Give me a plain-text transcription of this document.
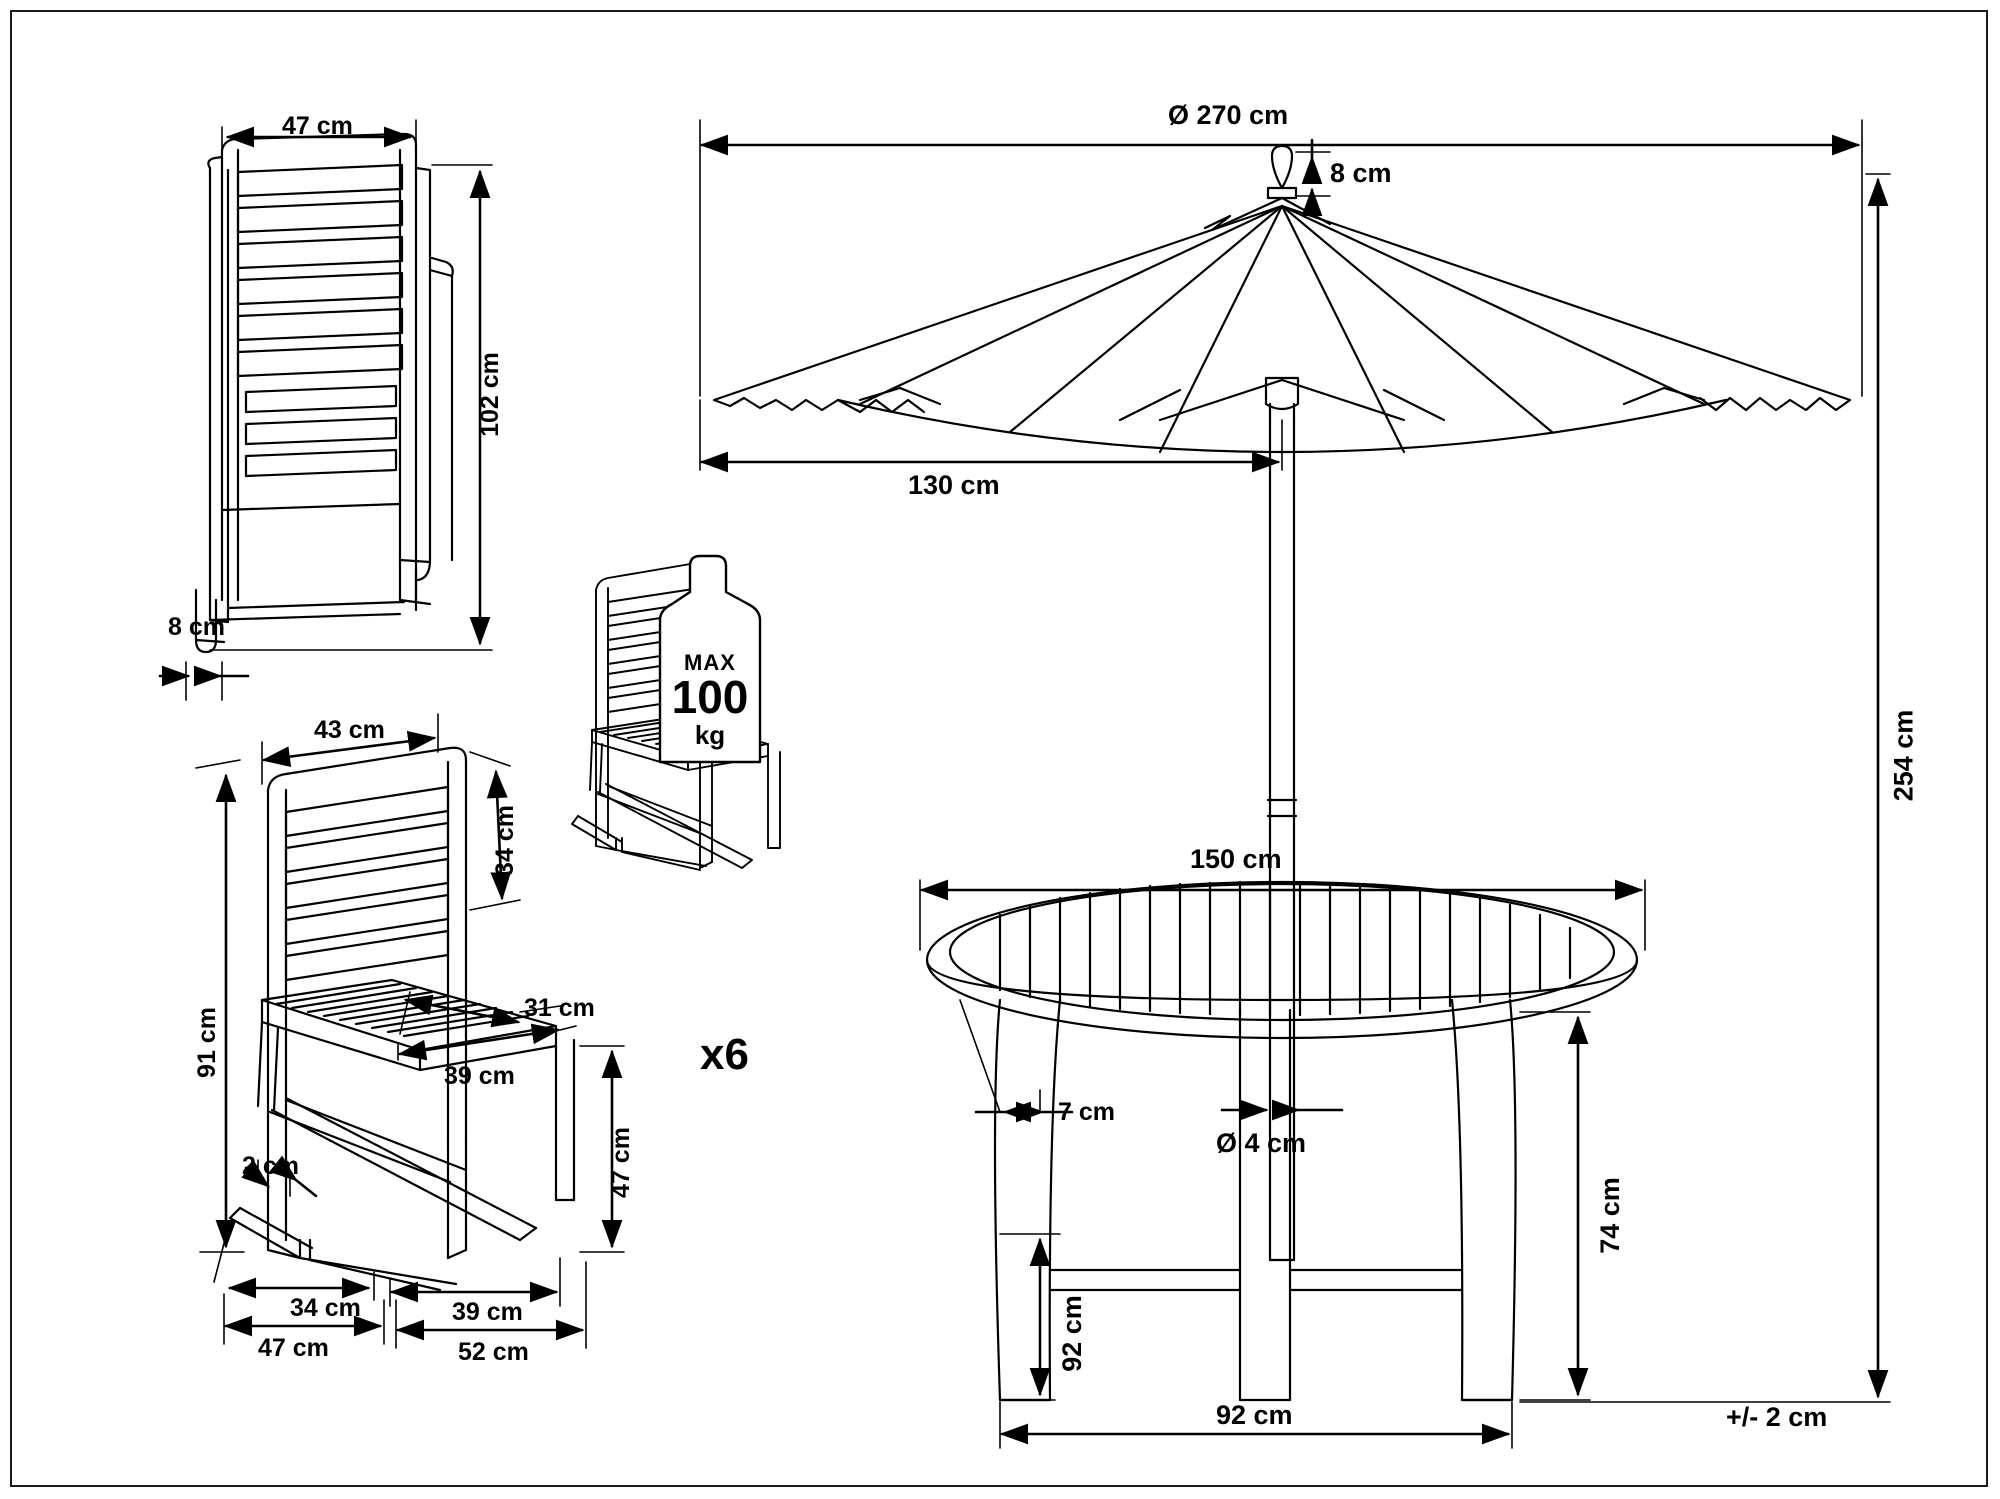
47 cm
102 cm
8 cm
43 cm
34 cm
91 cm	31 cm
39 cm
2 cm	47 cm
34 cm	39 cm
47 cm	52 cm
x6
MAX
100
kg
Ø 270 cm
8 cm
130 cm
254 cm
150 cm
7 cm
Ø 4 cm
74 cm
92 cm
92 cm	+/- 2 cm
